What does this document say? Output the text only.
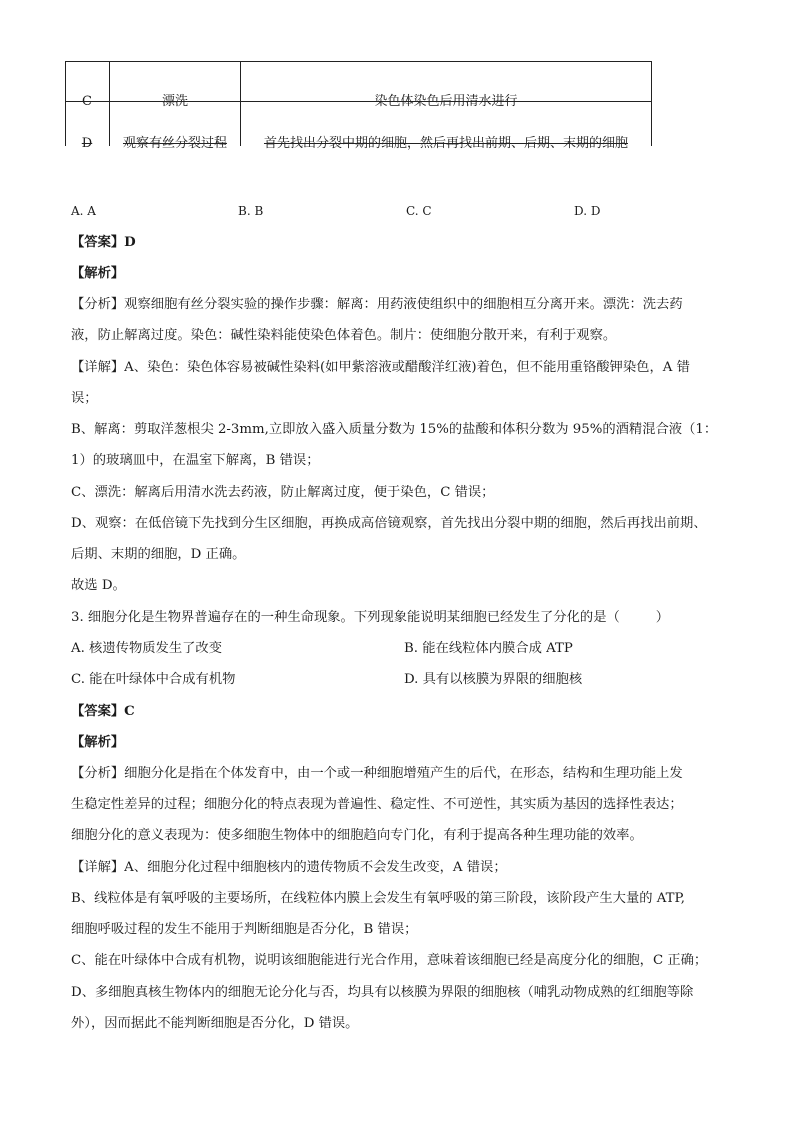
C	漂洗	染色体染色后用清水进行
D	观察有丝分裂过程	首先找出分裂中期的细胞，然后再找出前期、后期、末期的细胞
A. A	B. B	C. C	D. D
【答案】D
【解析】
【分析】观察细胞有丝分裂实验的操作步骤：解离：用药液使组织中的细胞相互分离开来。漂洗：洗去药
液，防止解离过度。染色：碱性染料能使染色体着色。制片：使细胞分散开来，有利于观察。
【详解】A、染色：染色体容易被碱性染料(如甲紫溶液或醋酸洋红液)着色，但不能用重铬酸钾染色，A 错
误；
B、解离：剪取洋葱根尖 2-3mm,立即放入盛入质量分数为 15%的盐酸和体积分数为 95%的酒精混合液（1：
1）的玻璃皿中，在温室下解离，B 错误；
C、漂洗：解离后用清水洗去药液，防止解离过度，便于染色，C 错误；
D、观察：在低倍镜下先找到分生区细胞，再换成高倍镜观察，首先找出分裂中期的细胞，然后再找出前期、
后期、末期的细胞，D 正确。
故选 D。
3. 细胞分化是生物界普遍存在的一种生命现象。下列现象能说明某细胞已经发生了分化的是（	）
A. 核遗传物质发生了改变	B. 能在线粒体内膜合成 ATP
C. 能在叶绿体中合成有机物	D. 具有以核膜为界限的细胞核
【答案】C
【解析】
【分析】细胞分化是指在个体发育中，由一个或一种细胞增殖产生的后代，在形态，结构和生理功能上发
生稳定性差异的过程；细胞分化的特点表现为普遍性、稳定性、不可逆性，其实质为基因的选择性表达；
细胞分化的意义表现为：使多细胞生物体中的细胞趋向专门化，有利于提高各种生理功能的效率。
【详解】A、细胞分化过程中细胞核内的遗传物质不会发生改变，A 错误；
B、线粒体是有氧呼吸的主要场所，在线粒体内膜上会发生有氧呼吸的第三阶段，该阶段产生大量的 ATP,
细胞呼吸过程的发生不能用于判断细胞是否分化，B 错误；
C、能在叶绿体中合成有机物，说明该细胞能进行光合作用，意味着该细胞已经是高度分化的细胞，C 正确；
D、多细胞真核生物体内的细胞无论分化与否，均具有以核膜为界限的细胞核（哺乳动物成熟的红细胞等除
外），因而据此不能判断细胞是否分化，D 错误。
